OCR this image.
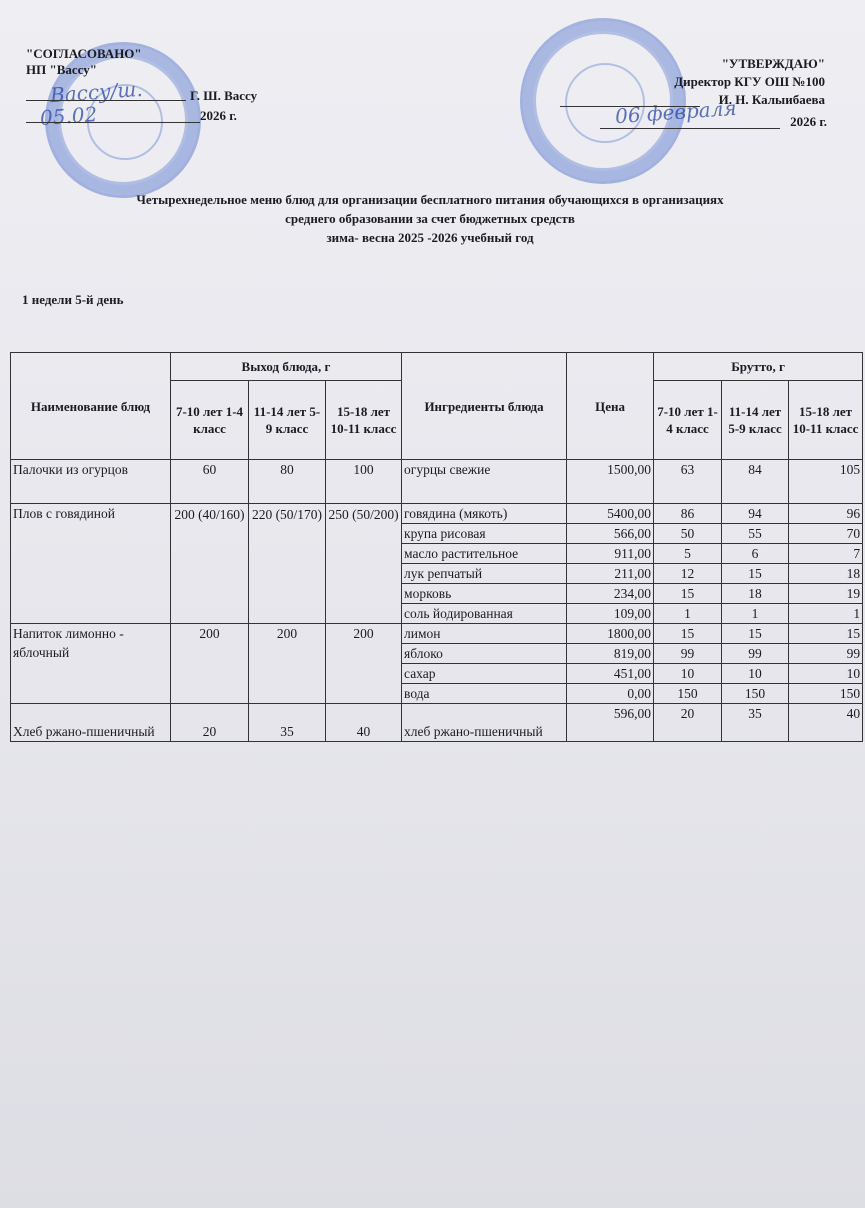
Вассу/ш.
05.02	06 февраля
"СОГЛАСОВАНО"
НП "Вассу"
Г. Ш. Вассу
2026 г.
"УТВЕРЖДАЮ"
Директор КГУ ОШ №100
И. Н. Калыибаева
2026 г.
Четырехнедельное меню блюд для организации бесплатного питания обучающихся в организациях
среднего образовании за счет бюджетных средств
зима- весна 2025 -2026 учебный год
1 недели 5-й день
Наименование блюд	Выход блюда, г			Ингредиенты блюда	Цена	Брутто, г		
	7-10 лет 1-4 класс	11-14 лет 5-9 класс	15-18 лет 10-11 класс			7-10 лет 1-4 класс	11-14 лет 5-9 класс	15-18 лет 10-11 класс
Палочки из огурцов	60	80	100	огурцы свежие	1500,00	63	84	105
Плов с говядиной	200 (40/160)	220 (50/170)	250 (50/200)	говядина (мякоть)	5400,00	86	94	96
				крупа рисовая	566,00	50	55	70
				масло растительное	911,00	5	6	7
				лук репчатый	211,00	12	15	18
				морковь	234,00	15	18	19
				соль йодированная	109,00	1	1	1
Напиток лимонно - яблочный	200	200	200	лимон	1800,00	15	15	15
				яблоко	819,00	99	99	99
				сахар	451,00	10	10	10
				вода	0,00	150	150	150
Хлеб ржано-пшеничный	20	35	40	хлеб ржано-пшеничный	596,00	20	35	40
